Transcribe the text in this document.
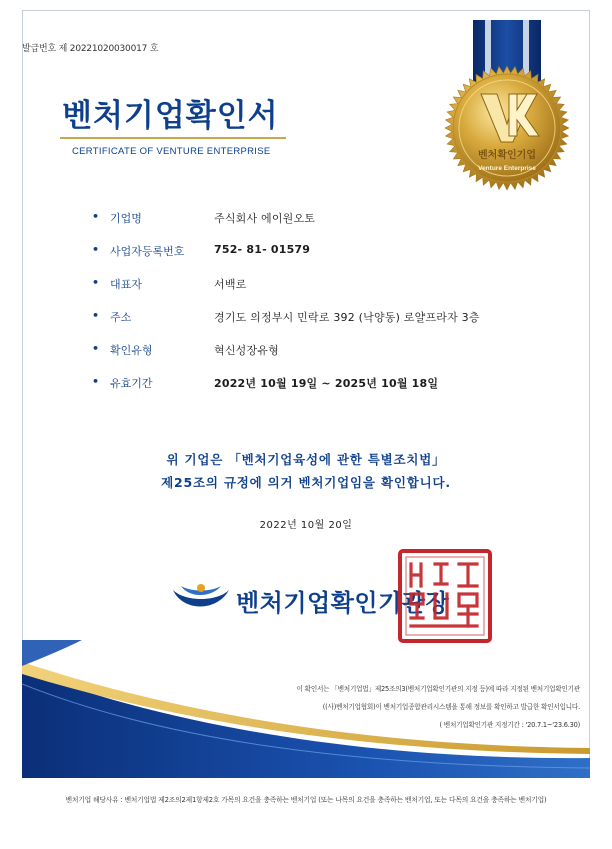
발급번호 제 20221020030017 호
벤처기업확인서
CERTIFICATE OF VENTURE ENTERPRISE	벤처확인기업
Venture Enterprise
• 기업명	주식회사 에이원오토
• 사업자등록번호	752- 81- 01579
• 대표자	서백로
• 주소	경기도 의정부시 민락로 392 (낙양동) 로얄프라자 3층
• 확인유형	혁신성장유형
• 유효기간	2022년 10월 19일 ~ 2025년 10월 18일
위 기업은 「벤처기업육성에 관한 특별조치법」
제25조의 규정에 의거 벤처기업임을 확인합니다.
2022년 10월 20일
벤처기업확인기관장
이 확인서는 「벤처기업법」제25조의3(벤처기업확인기관의 지정 등)에 따라 지정된 벤처기업확인기관
((사)벤처기업협회)이 벤처기업종합관리시스템을 통해 정보를 확인하고 발급한 확인서입니다.
( 벤처기업확인기관 지정기간 : '20.7.1~'23.6.30)
벤처기업 해당사유 : 벤처기업법 제2조의2제1항제2호 가목의 요건을 충족하는 벤처기업 (또는 나목의 요건을 충족하는 벤처기업, 또는 다목의 요건을 충족하는 벤처기업)
